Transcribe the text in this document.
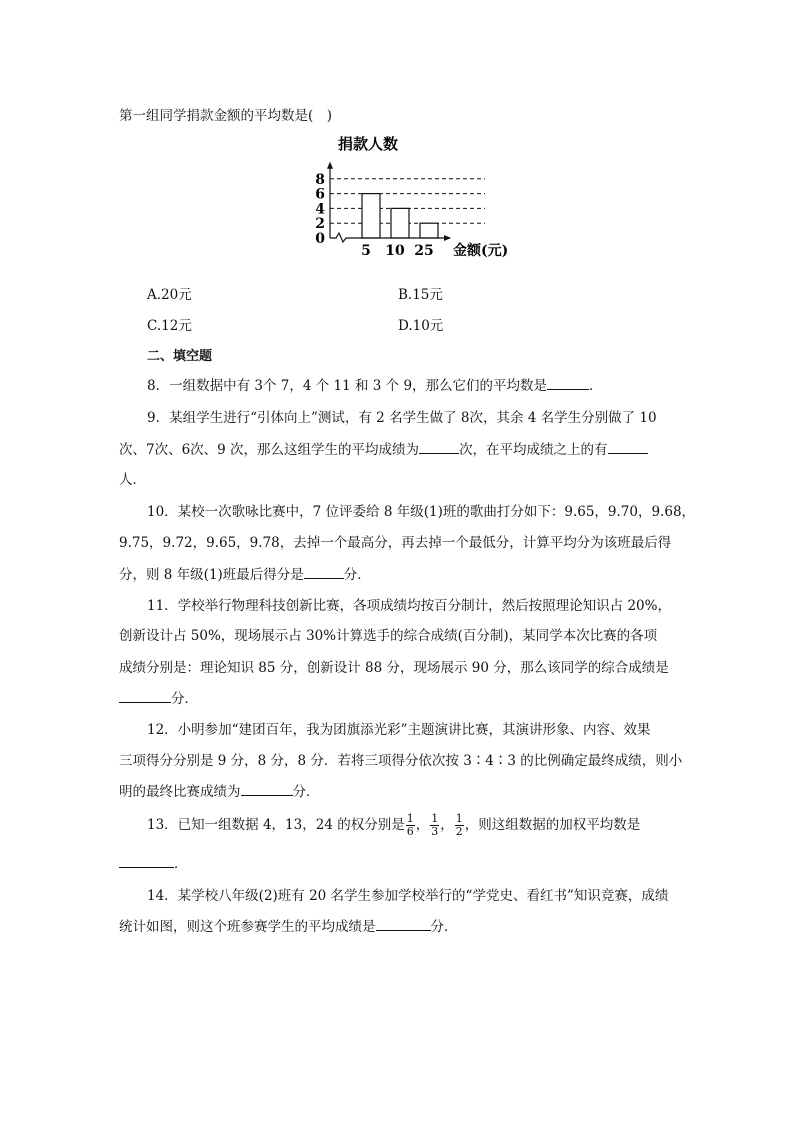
第一组同学捐款金额的平均数是(　)
0
2
4
6
8
5 10 25
捐款人数
金额(元)
A.20元	B.15元
C.12元	D.10元
二、填空题
8．一组数据中有 3个 7，4 个 11 和 3 个 9，那么它们的平均数是	．
9．某组学生进行“引体向上”测试，有 2 名学生做了 8次，其余 4 名学生分别做了 10
次、7次、6次、9 次，那么这组学生的平均成绩为	次，在平均成绩之上的有
人．
10．某校一次歌咏比赛中，7 位评委给 8 年级(1)班的歌曲打分如下：9.65，9.70，9.68，
9.75，9.72，9.65，9.78，去掉一个最高分，再去掉一个最低分，计算平均分为该班最后得
分，则 8 年级(1)班最后得分是	分．
11．学校举行物理科技创新比赛，各项成绩均按百分制计，然后按照理论知识占 20%，
创新设计占 50%，现场展示占 30%计算选手的综合成绩(百分制)，某同学本次比赛的各项
成绩分别是：理论知识 85 分，创新设计 88 分，现场展示 90 分，那么该同学的综合成绩是
分．
12．小明参加“建团百年，我为团旗添光彩”主题演讲比赛，其演讲形象、内容、效果
三项得分分别是 9 分，8 分，8 分．若将三项得分依次按 3∶4∶3 的比例确定最终成绩，则小
明的最终比赛成绩为	分．
13．已知一组数据 4，13，24 的权分别是 $\frac{1}{6}$ ， $\frac{1}{3}$ ， $\frac{1}{2}$ ，则这组数据的加权平均数是
．
14．某学校八年级(2)班有 20 名学生参加学校举行的“学党史、看红书”知识竞赛，成绩
统计如图，则这个班参赛学生的平均成绩是	分．
